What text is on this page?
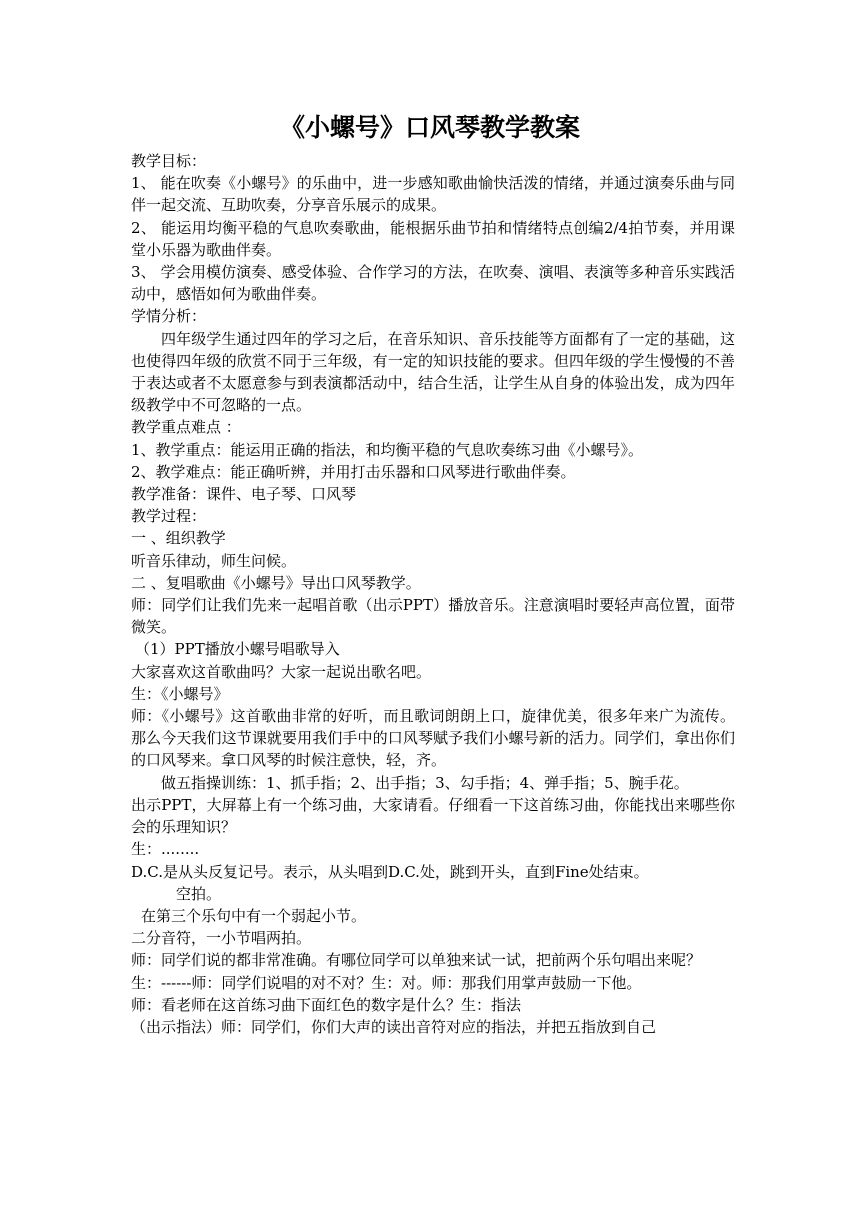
《小螺号》口风琴教学教案

教学目标：

1、 能在吹奏《小螺号》的乐曲中，进一步感知歌曲愉快活泼的情绪，并通过演奏乐曲与同伴一起交流、互助吹奏，分享音乐展示的成果。

2、 能运用均衡平稳的气息吹奏歌曲，能根据乐曲节拍和情绪特点创编2/4拍节奏，并用课堂小乐器为歌曲伴奏。

3、 学会用模仿演奏、感受体验、合作学习的方法，在吹奏、演唱、表演等多种音乐实践活动中，感悟如何为歌曲伴奏。

学情分析：

四年级学生通过四年的学习之后，在音乐知识、音乐技能等方面都有了一定的基础，这也使得四年级的欣赏不同于三年级，有一定的知识技能的要求。但四年级的学生慢慢的不善于表达或者不太愿意参与到表演都活动中，结合生活，让学生从自身的体验出发，成为四年级教学中不可忽略的一点。

教学重点难点 ：

1、教学重点：能运用正确的指法，和均衡平稳的气息吹奏练习曲《小螺号》。

2、教学难点：能正确听辨，并用打击乐器和口风琴进行歌曲伴奏。

教学准备：课件、电子琴、口风琴

教学过程：

一 、组织教学

听音乐律动，师生问候。

二 、复唱歌曲《小螺号》导出口风琴教学。

师：同学们让我们先来一起唱首歌（出示PPT）播放音乐。注意演唱时要轻声高位置，面带微笑。

（1）PPT播放小螺号唱歌导入

大家喜欢这首歌曲吗？大家一起说出歌名吧。

生：《小螺号》

师：《小螺号》这首歌曲非常的好听，而且歌词朗朗上口，旋律优美，很多年来广为流传。那么今天我们这节课就要用我们手中的口风琴赋予我们小螺号新的活力。同学们，拿出你们的口风琴来。拿口风琴的时候注意快，轻，齐。

做五指操训练：1、抓手指；2、出手指；3、勾手指；4、弹手指；5、腕手花。

出示PPT，大屏幕上有一个练习曲，大家请看。仔细看一下这首练习曲，你能找出来哪些你会的乐理知识？

生：........

D.C.是从头反复记号。表示，从头唱到D.C.处，跳到开头，直到Fine处结束。

空拍。

在第三个乐句中有一个弱起小节。

二分音符，一小节唱两拍。

师：同学们说的都非常准确。有哪位同学可以单独来试一试，把前两个乐句唱出来呢？

生：------师：同学们说唱的对不对？生：对。师：那我们用掌声鼓励一下他。

师：看老师在这首练习曲下面红色的数字是什么？生：指法

（出示指法）师：同学们，你们大声的读出音符对应的指法，并把五指放到自己
